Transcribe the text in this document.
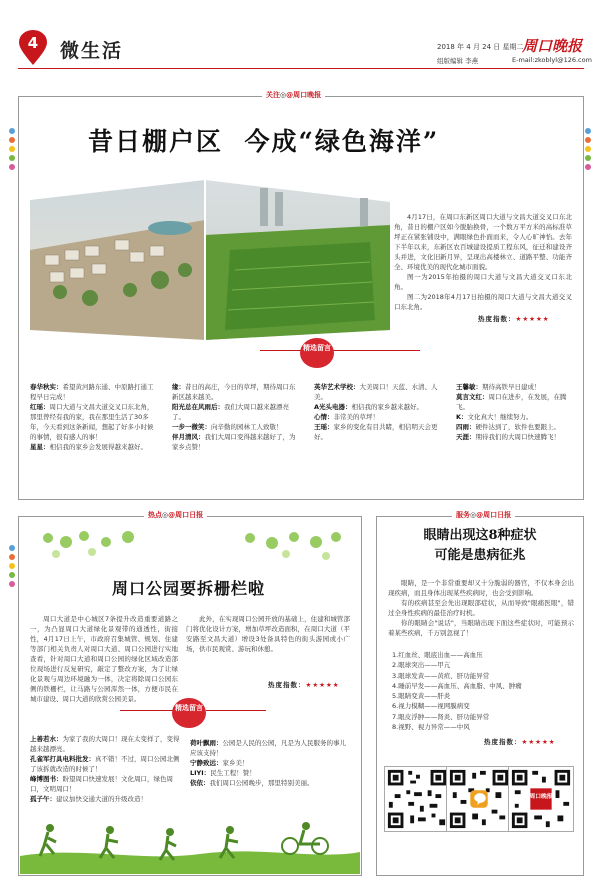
4 微生活	2018 年 4 月 24 日 星期二
周口晚报
组版编辑 李燕	E-mail:zkoblyl@126.com
关注◎@周口晚报
昔日棚户区 今成“绿色海洋”

4月17日，在周口东新区周口大道与文昌大道交叉口东北角，昔日的棚户区如今脱胎换骨，一个数万平方米的高标准草坪正在紧张铺设中，满眼绿色扑面而来，令人心旷神怡。去年下半年以来，东新区农百城建设提质工程东风，征迁和建设齐头并进，文化旧新月异，呈现出高楼林立、道路平整、功能齐全、环境优美的现代化城市面貌。

图一为2015年拍摄的周口大道与文昌大道交叉口东北角。

图二为2018年4月17日拍摄的周口大道与文昌大道交叉口东北角。

热度指数：★★★★★
精选留言

春华秋实：希望黄河路东通、中原路打通工程早日完成！

红瑶：周口大道与文昌大道交叉口东北角，那里曾经有我的家，我在那里生活了30多年，今天看到这条新闻，想起了好多小时候的事情，很有感人的事！

星星：相信我的家乡会发展得越来越好。

缘：昔日的高庄，今日的草坪，期待周口东新区越来越美。

阳光总在风雨后：我们大周口越来越漂亮了。

一步一微笑：向辛勤的园林工人致敬！

伴月清风：我们大周口变得越来越好了，为家乡点赞！

英华艺术学校：大美周口！天蓝、水清、人美。

A光头电器：相信我的家乡越来越好。

心情：非常美的草坪！

王瑶：家乡的变化有目共睹，相信明天会更好。

王馨敏：期待高铁早日建成！

莫言文红：周口在进步，在发展，在腾飞。

K：文化真大！继续努力。

四雨：硬件达到了，软件也要跟上。

天涯：期待我们的大周口快速腾飞！

热点◎@周口日报
周口公园要拆栅栏啦
周口大道是中心城区7条提升改造重要道路之一，为凸显周口大道绿化景观带的通透性，街接性，4月17日上午，市政府召集城管、规划、住建等部门相关负责人对周口大道、周口公园进行实地查看，针对周口大道和周口公园的绿化区域改造部位现场进行反复研究，敲定了整改方案，为了让绿化景观与周边环境融为一体，决定将除周口公园东侧的铁栅栏，让马路与公园浑然一体，方便市民在城市建设、周口大道的欣赏公园美景。
此外，在实现周口公园开放的基础上，住建和城管部门将优化设计方案，增加草坪改造面积，在周口大道（平安路至文昌大道）增设3处备具特色的街头游园或小广场，供市民观赏、游玩和休憩。
热度指数：★★★★★
精选留言

上善若水：为家了我的大周口！现在太变样了，变得越来越漂亮。

孔雀军打具电料批发：真不错！不过，周口公园北侧了该拆就改造的时候了！

峰博图书：盼望周口快速发展！文化周口，绿色周口，文明周口！

孤子午：建议加快交通大道的升级改造！

荷叶飘雨：公园是人民的公园，凡是为人民服务的事儿应该支持！

宁静致远：家乡美！

LIYI：民生工程！赞！

依依：我们周口公园晚步，那里特别美丽。

服务◎@周口日报
眼睛出现这8种症状
可能是患病征兆

眼睛，是一个非常重要却又十分脆弱的器官，不仅本身会出现疾病，而且身体出现某些疾病时，也会受到影响。

有的疾病甚至会先出现眼部症状，从而导致"眼痛医眼"，错过全身性疾病的最佳治疗时机。

你的眼睛会"说话"，当眼睛出现下面这些症状时，可能预示着某些疾病，千万别忽视了！

1.红血丝、眼底出血——高血压
2.眼球突出——甲亢
3.眼球发黄——黄疸、肝功能异常
4.睡前早发——高血压、高血脂、中风、肿瘤
5.眼睛变黄——肝炎
6.视力模糊——视网膜病变
7.眼皮浮肿——肾炎、肝功能异常
8.视野、视力异常——中风
热度指数：★★★★★
周口晚报
